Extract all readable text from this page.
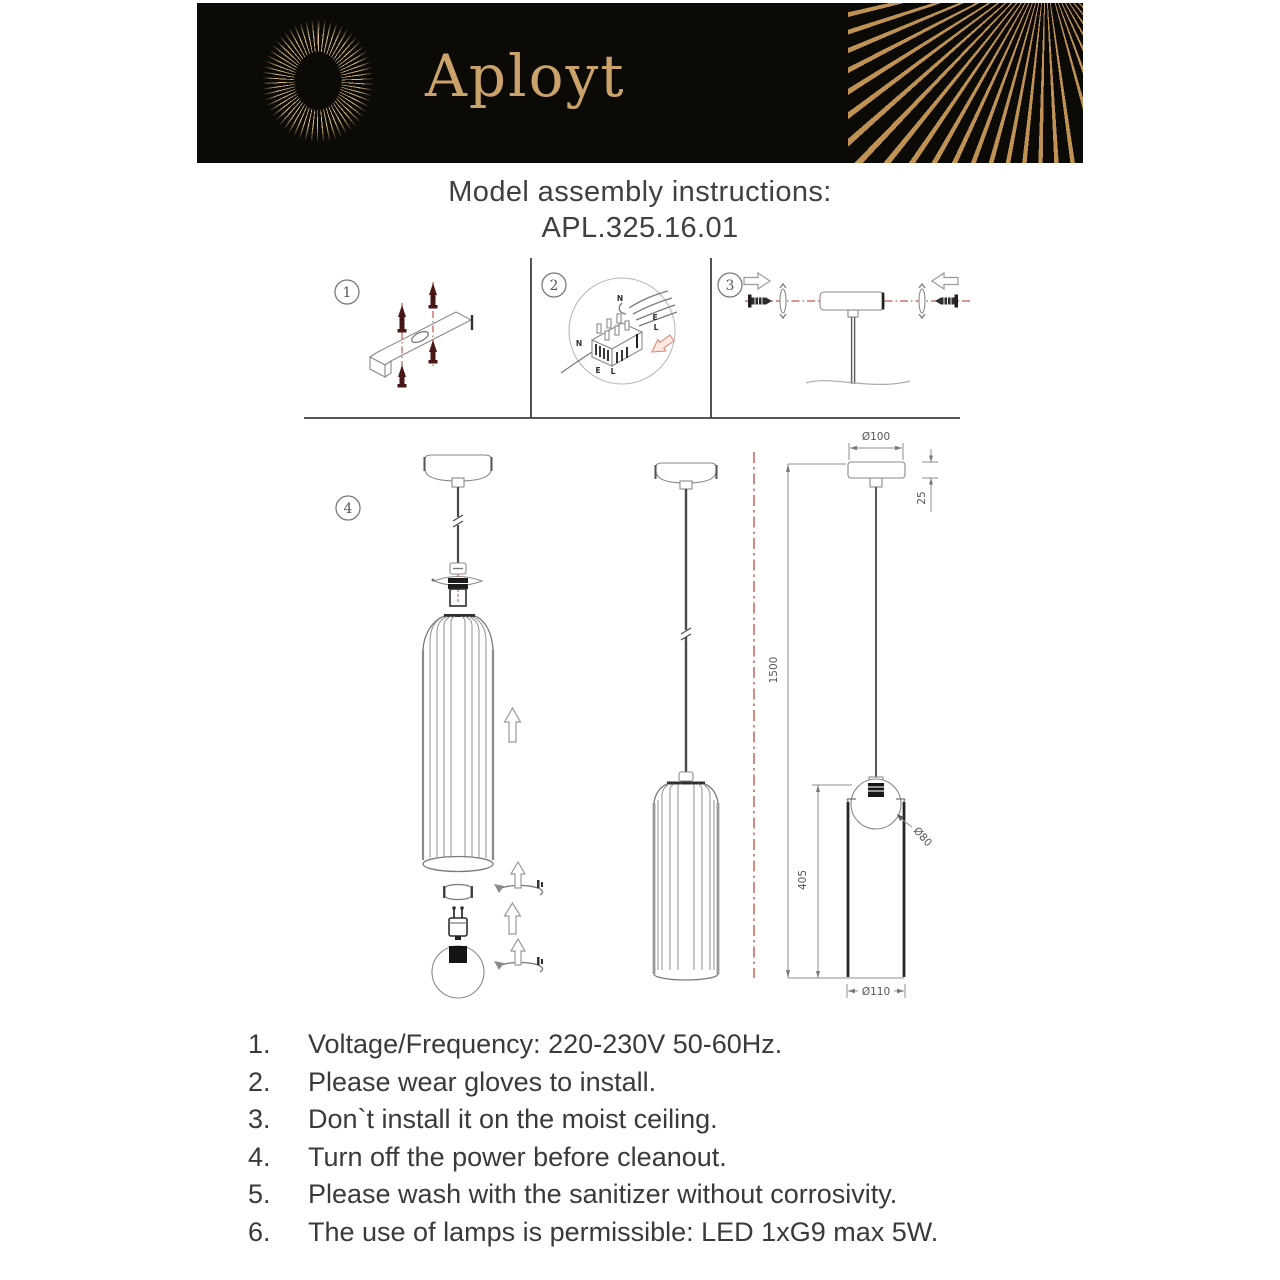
Aployt
Model assembly instructions:
APL.325.16.01
1	2
N
E
L
N
E L
3
4
Ø100
25
405
Ø80
Ø110
1500
1.	Voltage/Frequency: 220-230V 50-60Hz.
2.	Please wear gloves to install.
3.	Don`t install it on the moist ceiling.
4.	Turn off the power before cleanout.
5.	Please wash with the sanitizer without corrosivity.
6.	The use of lamps is permissible: LED 1xG9 max 5W.
